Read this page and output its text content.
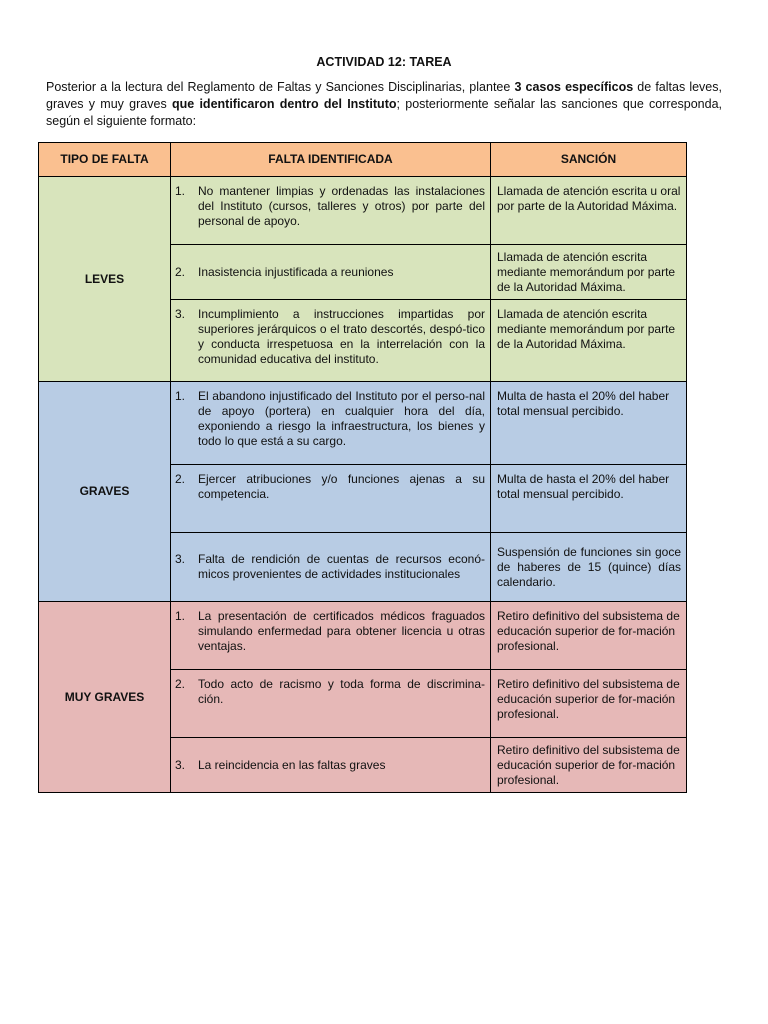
ACTIVIDAD 12: TAREA
Posterior a la lectura del Reglamento de Faltas y Sanciones Disciplinarias, plantee 3 casos específicos de faltas leves, graves y muy graves que identificaron dentro del Instituto; posteriormente señalar las sanciones que corresponda, según el siguiente formato:
TIPO DE FALTA	FALTA IDENTIFICADA	SANCIÓN
LEVES	1. No mantener limpias y ordenadas las instalaciones del Instituto (cursos, talleres y otros) por parte del personal de apoyo.	Llamada de atención escrita u oral por parte de la Autoridad Máxima.

	2. Inasistencia injustificada a reuniones	Llamada de atención escrita mediante memorándum por parte de la Autoridad Máxima.

	3. Incumplimiento a instrucciones impartidas por superiores jerárquicos o el trato descortés, despó-tico y conducta irrespetuosa en la interrelación con la comunidad educativa del instituto.	Llamada de atención escrita mediante memorándum por parte de la Autoridad Máxima.

GRAVES	1. El abandono injustificado del Instituto por el perso-nal de apoyo (portera) en cualquier hora del día, exponiendo a riesgo la infraestructura, los bienes y todo lo que está a su cargo.	Multa de hasta el 20% del haber total mensual percibido.

	2. Ejercer atribuciones y/o funciones ajenas a su competencia.	Multa de hasta el 20% del haber total mensual percibido.

	3. Falta de rendición de cuentas de recursos econó-micos provenientes de actividades institucionales	Suspensión de funciones sin goce de haberes de 15 (quince) días calendario.

MUY GRAVES	1. La presentación de certificados médicos fraguados simulando enfermedad para obtener licencia u otras ventajas.	Retiro definitivo del subsistema de educación superior de for-mación profesional.

	2. Todo acto de racismo y toda forma de discrimina-ción.	Retiro definitivo del subsistema de educación superior de for-mación profesional.

	3. La reincidencia en las faltas graves	Retiro definitivo del subsistema de educación superior de for-mación profesional.
